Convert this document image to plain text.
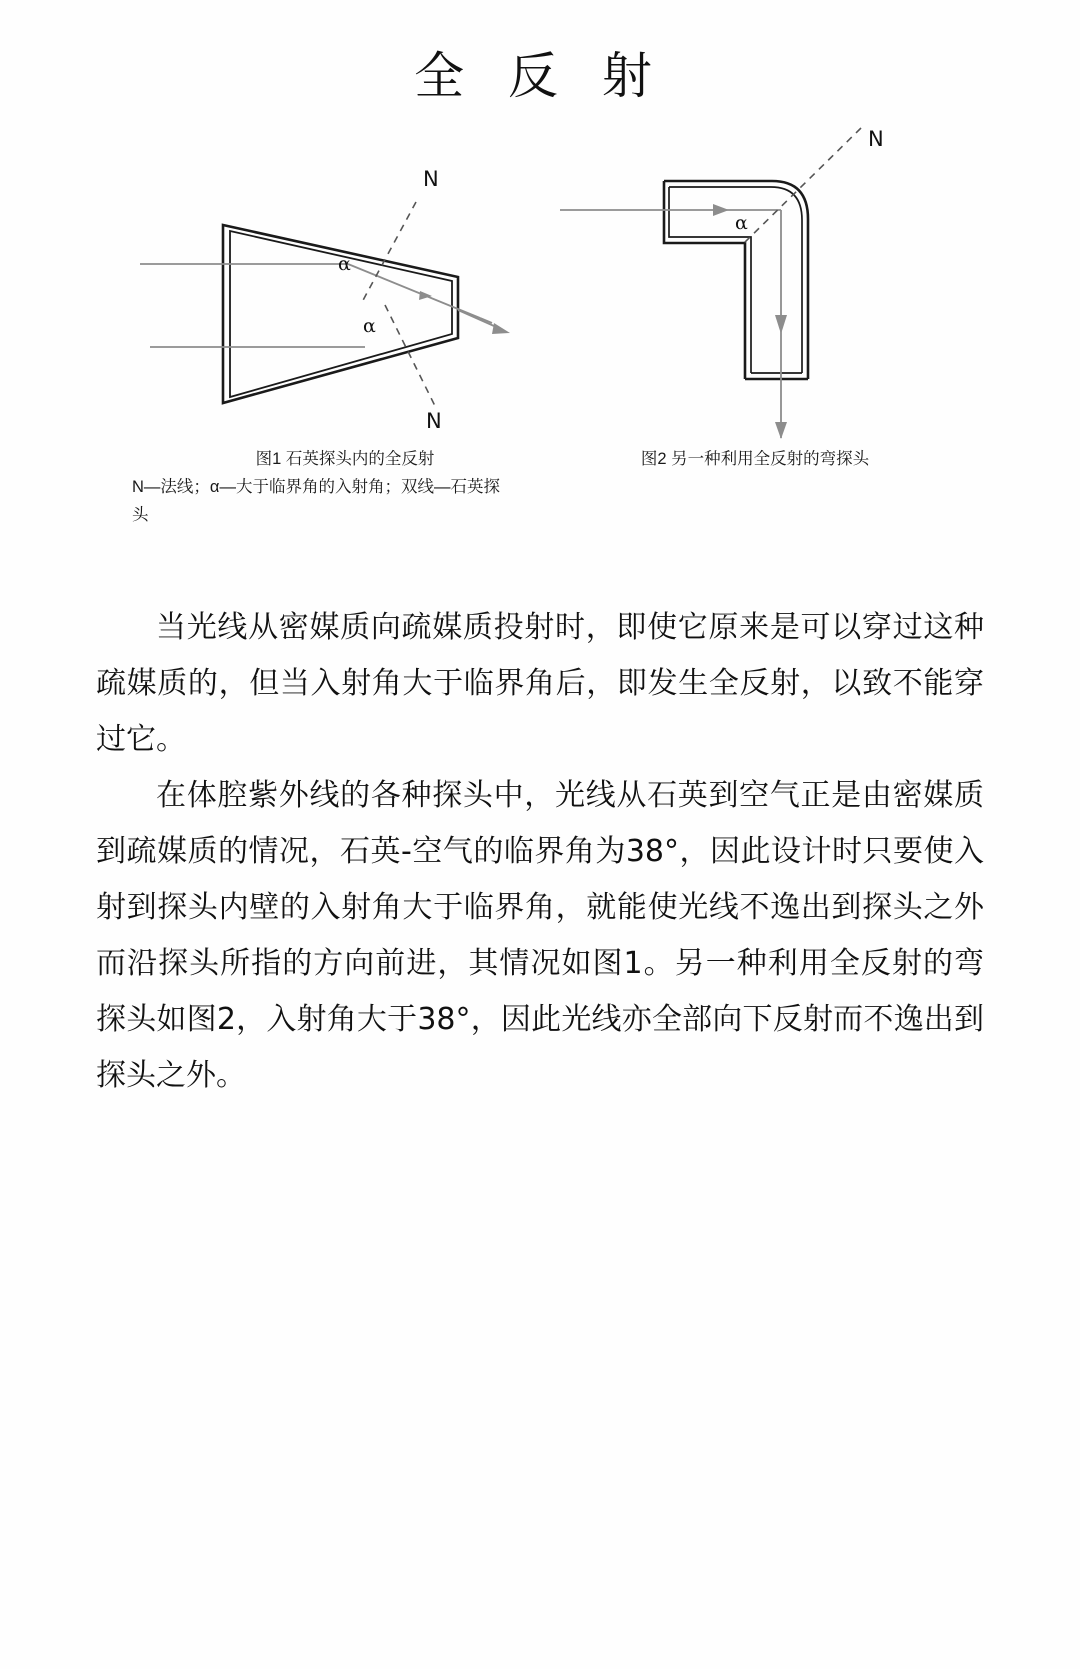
全 反 射
N
N
α
α
N
α
图1 石英探头内的全反射
N—法线；α—大于临界角的入射角；双线—石英探
头
图2 另一种利用全反射的弯探头

当光线从密媒质向疏媒质投射时，即使它原来是可以穿过这种疏媒质的，但当入射角大于临界角后，即发生全反射，以致不能穿过它。

在体腔紫外线的各种探头中，光线从石英到空气正是由密媒质到疏媒质的情况，石英-空气的临界角为38°，因此设计时只要使入射到探头内壁的入射角大于临界角，就能使光线不逸出到探头之外而沿探头所指的方向前进，其情况如图1。另一种利用全反射的弯探头如图2，入射角大于38°，因此光线亦全部向下反射而不逸出到探头之外。
